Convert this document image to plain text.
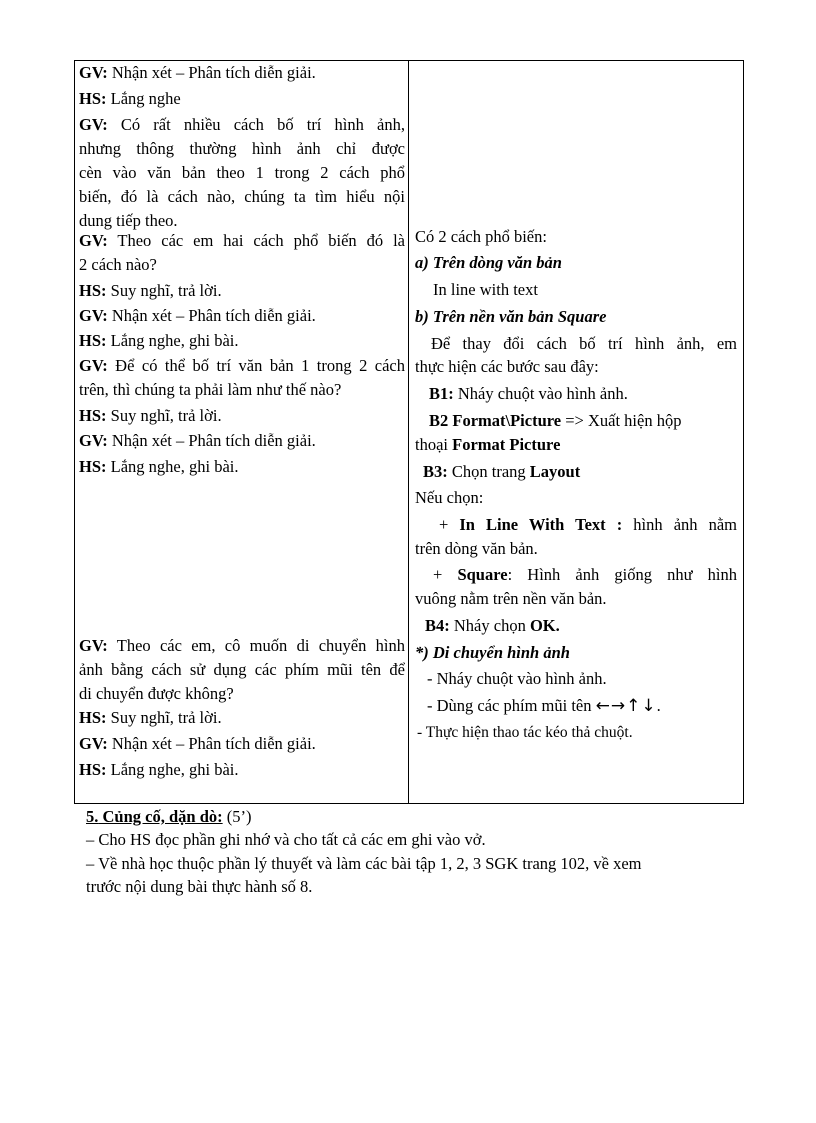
GV: Nhận xét – Phân tích diễn giải.
HS: Lắng nghe
GV: Có rất nhiều cách bố trí hình ảnh,
nhưng thông thường hình ảnh chỉ được
cèn vào văn bản theo 1 trong 2 cách phổ
biến, đó là cách nào, chúng ta tìm hiểu nội
dung tiếp theo.
GV: Theo các em hai cách phổ biến đó là
2 cách nào?
HS: Suy nghĩ, trả lời.
GV: Nhận xét – Phân tích diễn giải.
HS: Lắng nghe, ghi bài.
GV: Để có thể bố trí văn bản 1 trong 2 cách
trên, thì chúng ta phải làm như thế nào?
HS: Suy nghĩ, trả lời.
GV: Nhận xét – Phân tích diễn giải.
HS: Lắng nghe, ghi bài.
GV: Theo các em, cô muốn di chuyển hình
ảnh bằng cách sử dụng các phím mũi tên để
di chuyển được không?
HS: Suy nghĩ, trả lời.
GV: Nhận xét – Phân tích diễn giải.
HS: Lắng nghe, ghi bài.
Có 2 cách phổ biến:
a) Trên dòng văn bản
In line with text
b) Trên nền văn bản Square
Để thay đổi cách bố trí hình ảnh, em
thực hiện các bước sau đây:
B1: Nháy chuột vào hình ảnh.
B2 Format\Picture => Xuất hiện hộp
thoại Format Picture
B3: Chọn trang Layout
Nếu chọn:
+ In Line With Text : hình ảnh nằm
trên dòng văn bản.
+ Square: Hình ảnh giống như hình
vuông nằm trên nền văn bản.
B4: Nháy chọn OK.
*) Di chuyển hình ảnh
- Nháy chuột vào hình ảnh.
- Dùng các phím mũi tên ←→↑↓.
- Thực hiện thao tác kéo thả chuột.
5. Củng cố, dặn dò: (5’)
– Cho HS đọc phần ghi nhớ và cho tất cả các em ghi vào vở.
– Về nhà học thuộc phần lý thuyết và làm các bài tập 1, 2, 3 SGK trang 102, về xem
trước nội dung bài thực hành số 8.
